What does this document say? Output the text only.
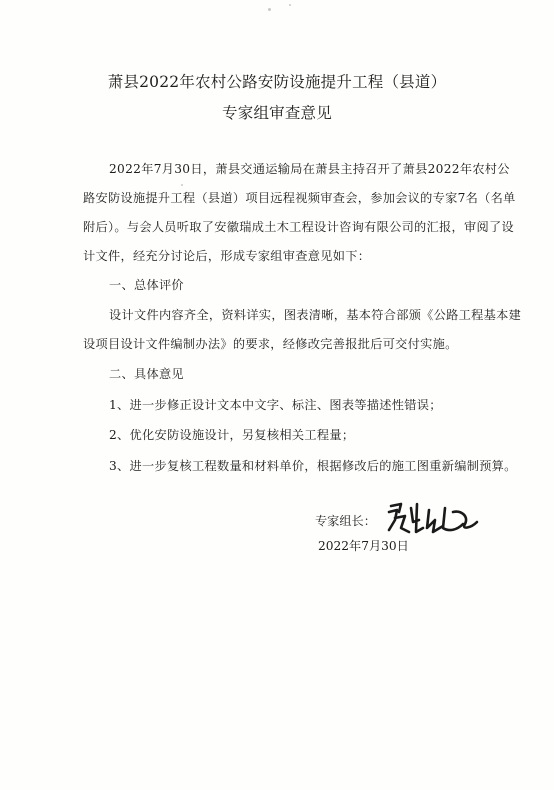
萧县2022年农村公路安防设施提升工程（县道）
专家组审查意见
2022年7月30日，萧县交通运输局在萧县主持召开了萧县2022年农村公
路安防设施提升工程（县道）项目远程视频审查会，参加会议的专家7名（名单
附后）。与会人员听取了安徽瑞成土木工程设计咨询有限公司的汇报，审阅了设
计文件，经充分讨论后，形成专家组审查意见如下：
一、总体评价
设计文件内容齐全，资料详实，图表清晰，基本符合部颁《公路工程基本建
设项目设计文件编制办法》的要求，经修改完善报批后可交付实施。
二、具体意见
1、进一步修正设计文本中文字、标注、图表等描述性错误；
2、优化安防设施设计，另复核相关工程量；
3、进一步复核工程数量和材料单价，根据修改后的施工图重新编制预算。
专家组长：
2022年7月30日
